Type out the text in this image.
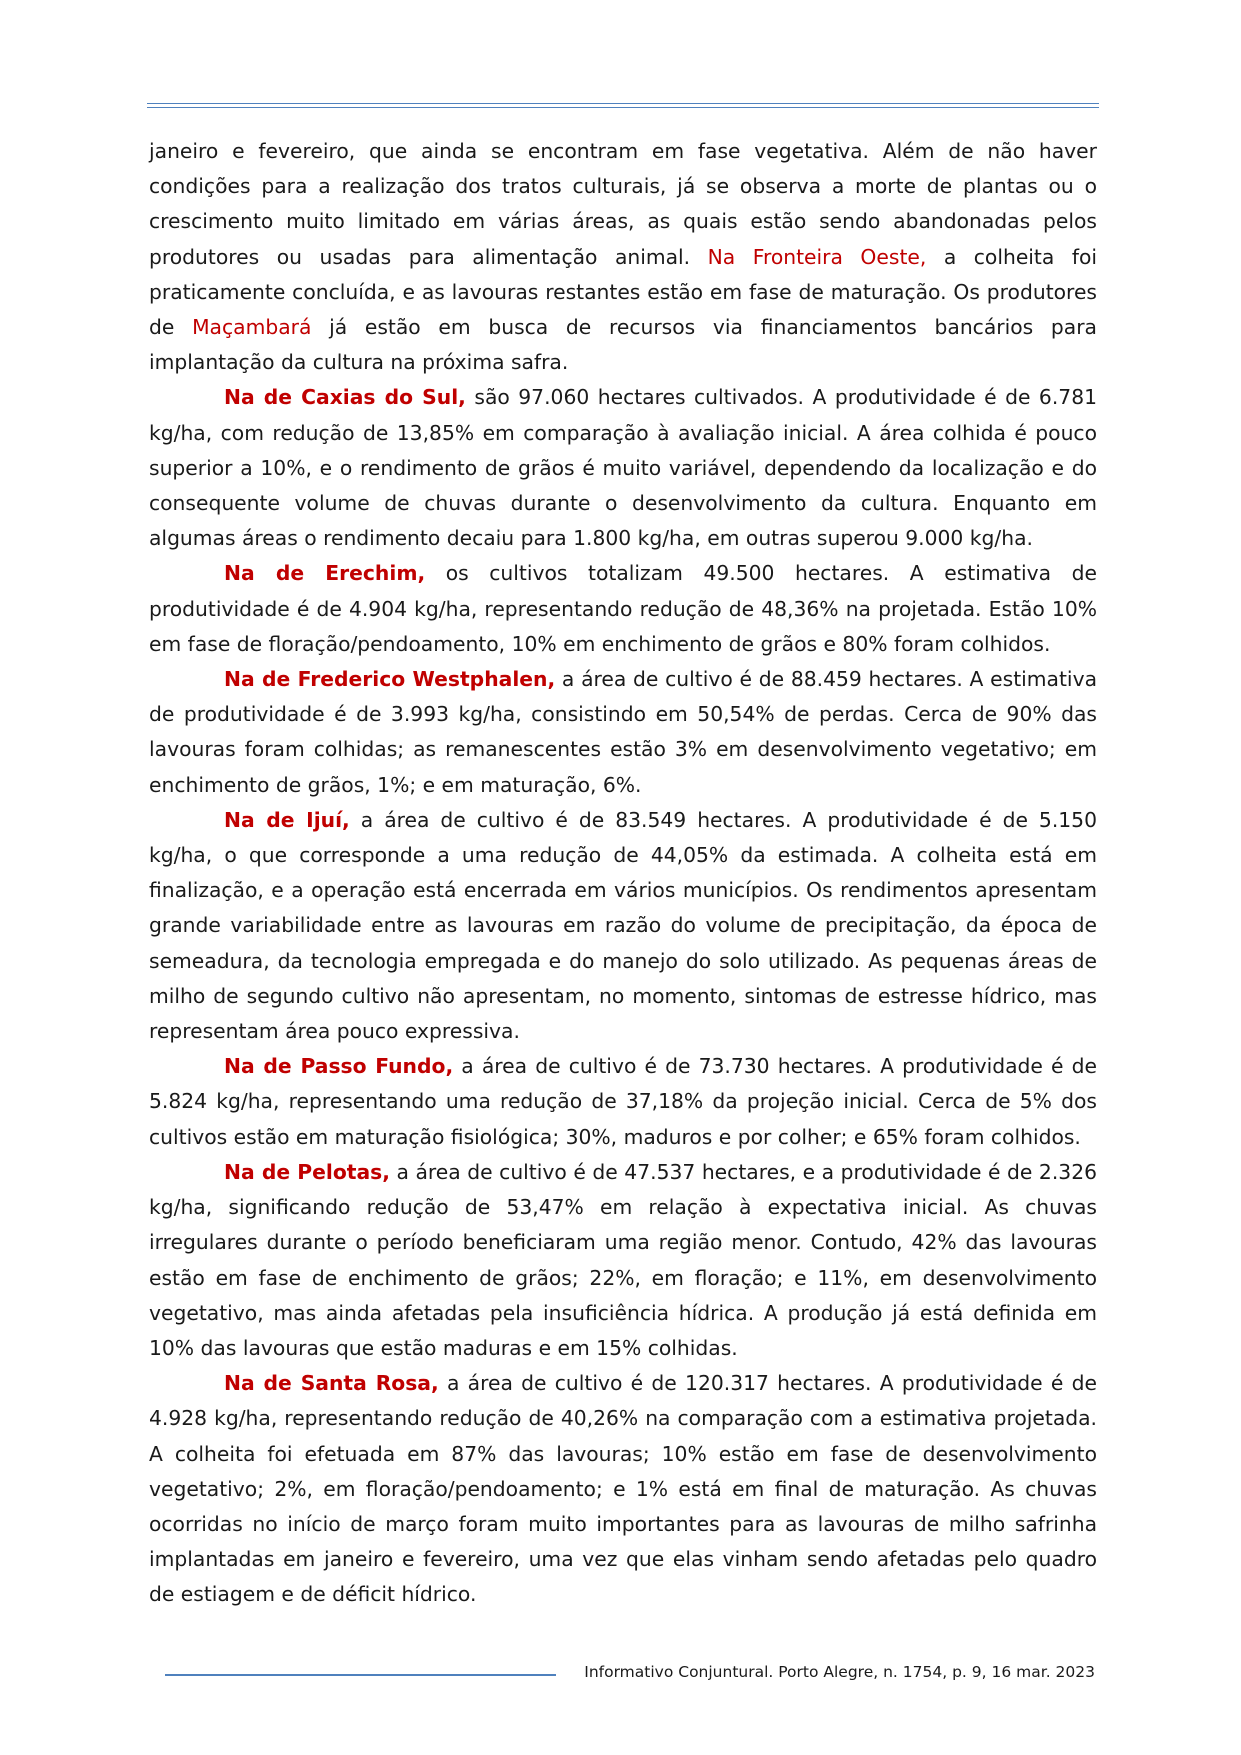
janeiro e fevereiro, que ainda se encontram em fase vegetativa. Além de não haver condições para a realização dos tratos culturais, já se observa a morte de plantas ou o crescimento muito limitado em várias áreas, as quais estão sendo abandonadas pelos produtores ou usadas para alimentação animal. Na Fronteira Oeste, a colheita foi praticamente concluída, e as lavouras restantes estão em fase de maturação. Os produtores de Maçambará já estão em busca de recursos via financiamentos bancários para implantação da cultura na próxima safra.

Na de Caxias do Sul, são 97.060 hectares cultivados. A produtividade é de 6.781 kg/ha, com redução de 13,85% em comparação à avaliação inicial. A área colhida é pouco superior a 10%, e o rendimento de grãos é muito variável, dependendo da localização e do consequente volume de chuvas durante o desenvolvimento da cultura. Enquanto em algumas áreas o rendimento decaiu para 1.800 kg/ha, em outras superou 9.000 kg/ha.

Na de Erechim, os cultivos totalizam 49.500 hectares. A estimativa de produtividade é de 4.904 kg/ha, representando redução de 48,36% na projetada. Estão 10% em fase de floração/pendoamento, 10% em enchimento de grãos e 80% foram colhidos.

Na de Frederico Westphalen, a área de cultivo é de 88.459 hectares. A estimativa de produtividade é de 3.993 kg/ha, consistindo em 50,54% de perdas. Cerca de 90% das lavouras foram colhidas; as remanescentes estão 3% em desenvolvimento vegetativo; em enchimento de grãos, 1%; e em maturação, 6%.

Na de Ijuí, a área de cultivo é de 83.549 hectares. A produtividade é de 5.150 kg/ha, o que corresponde a uma redução de 44,05% da estimada. A colheita está em finalização, e a operação está encerrada em vários municípios. Os rendimentos apresentam grande variabilidade entre as lavouras em razão do volume de precipitação, da época de semeadura, da tecnologia empregada e do manejo do solo utilizado. As pequenas áreas de milho de segundo cultivo não apresentam, no momento, sintomas de estresse hídrico, mas representam área pouco expressiva.

Na de Passo Fundo, a área de cultivo é de 73.730 hectares. A produtividade é de 5.824 kg/ha, representando uma redução de 37,18% da projeção inicial. Cerca de 5% dos cultivos estão em maturação fisiológica; 30%, maduros e por colher; e 65% foram colhidos.

Na de Pelotas, a área de cultivo é de 47.537 hectares, e a produtividade é de 2.326 kg/ha, significando redução de 53,47% em relação à expectativa inicial. As chuvas irregulares durante o período beneficiaram uma região menor. Contudo, 42% das lavouras estão em fase de enchimento de grãos; 22%, em floração; e 11%, em desenvolvimento vegetativo, mas ainda afetadas pela insuficiência hídrica. A produção já está definida em 10% das lavouras que estão maduras e em 15% colhidas.

Na de Santa Rosa, a área de cultivo é de 120.317 hectares. A produtividade é de 4.928 kg/ha, representando redução de 40,26% na comparação com a estimativa projetada. A colheita foi efetuada em 87% das lavouras; 10% estão em fase de desenvolvimento vegetativo; 2%, em floração/pendoamento; e 1% está em final de maturação. As chuvas ocorridas no início de março foram muito importantes para as lavouras de milho safrinha implantadas em janeiro e fevereiro, uma vez que elas vinham sendo afetadas pelo quadro de estiagem e de déficit hídrico.

Informativo Conjuntural. Porto Alegre, n. 1754, p. 9, 16 mar. 2023
